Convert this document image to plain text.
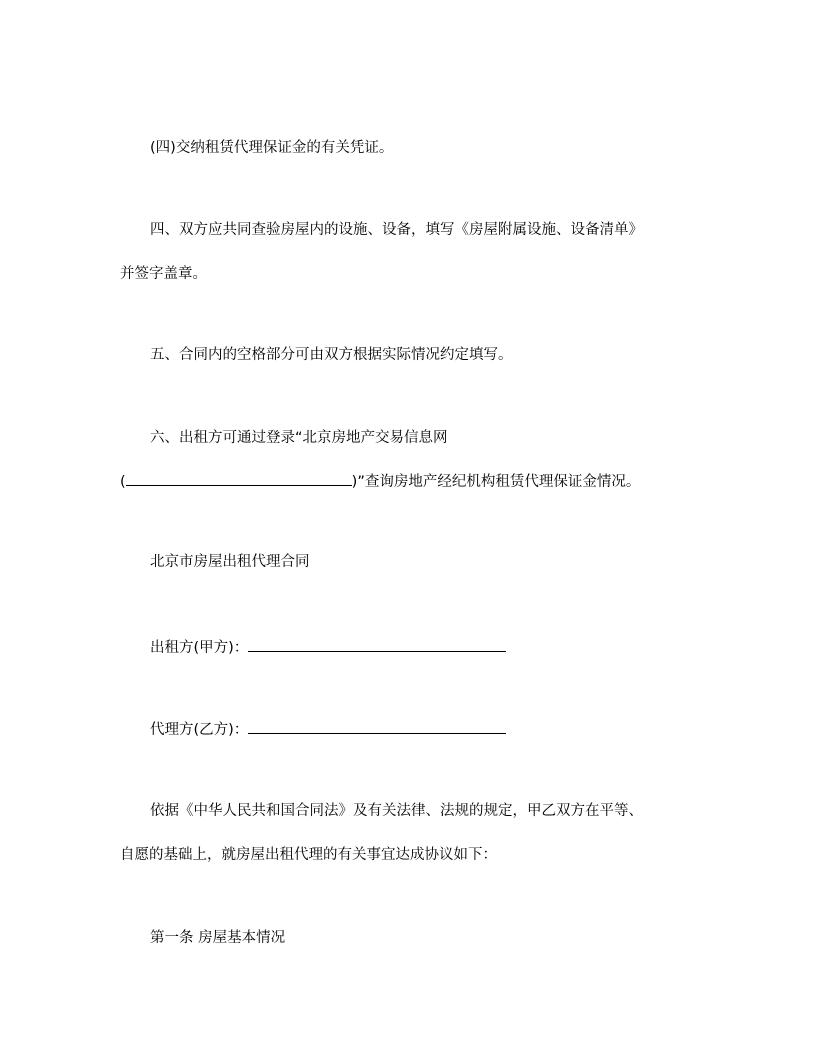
(四)交纳租赁代理保证金的有关凭证。
四、双方应共同查验房屋内的设施、设备，填写《房屋附属设施、设备清单》
并签字盖章。
五、合同内的空格部分可由双方根据实际情况约定填写。
六、出租方可通过登录“北京房地产交易信息网
(	)”查询房地产经纪机构租赁代理保证金情况。
北京市房屋出租代理合同
出租方(甲方)：
代理方(乙方)：
依据《中华人民共和国合同法》及有关法律、法规的规定，甲乙双方在平等、
自愿的基础上，就房屋出租代理的有关事宜达成协议如下：
第一条 房屋基本情况
